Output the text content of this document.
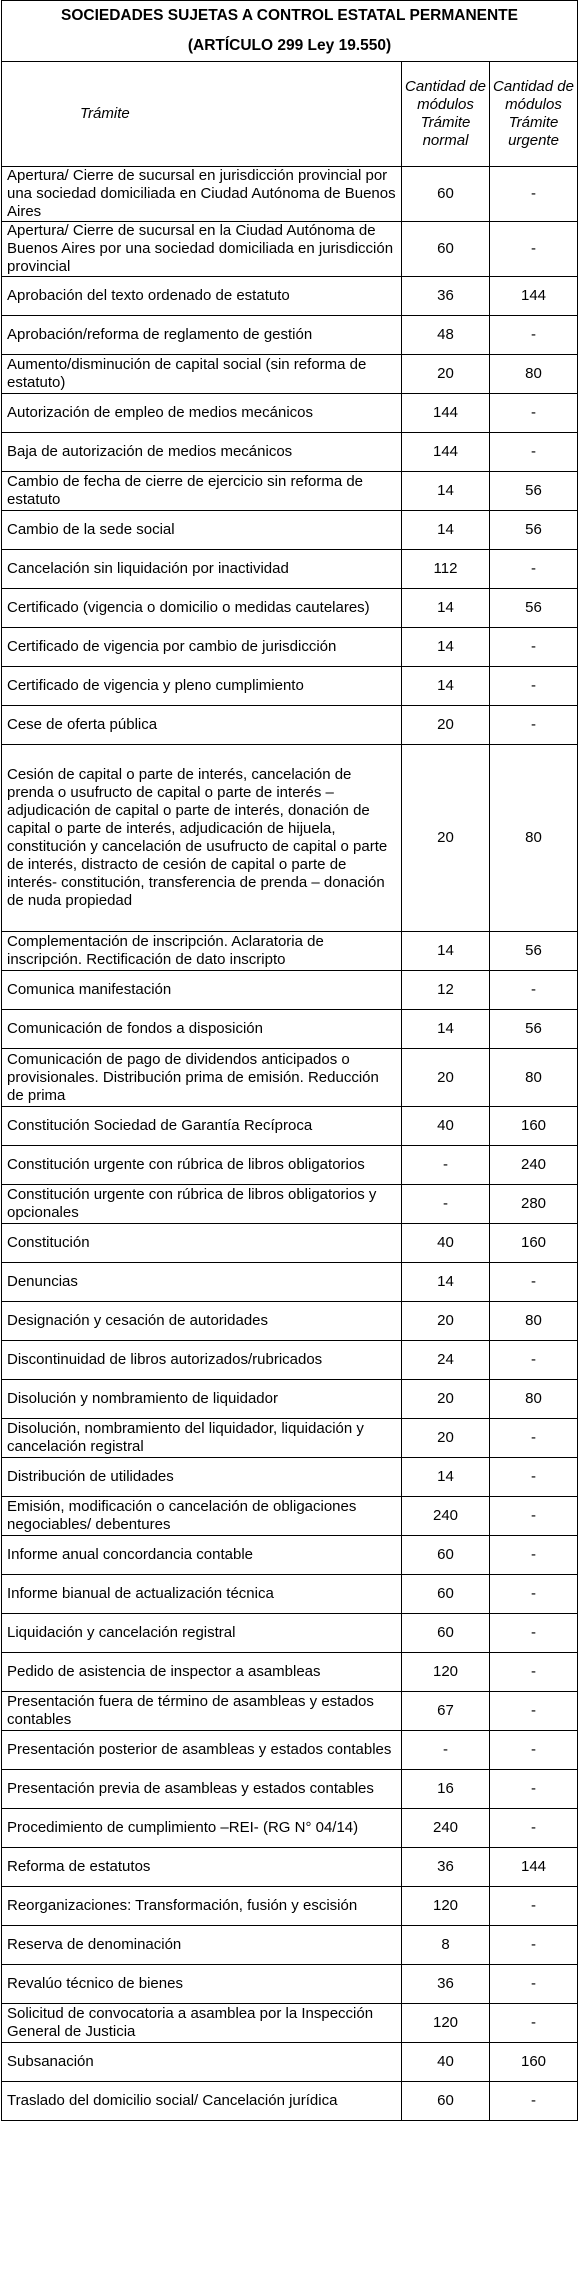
SOCIEDADES SUJETAS A CONTROL ESTATAL PERMANENTE
(ARTÍCULO 299 Ley 19.550)		

Trámite	Cantidad de módulos Trámite normal	Cantidad de módulos Trámite urgente
Apertura/ Cierre de sucursal en jurisdicción provincial por una sociedad domiciliada en Ciudad Autónoma de Buenos Aires	60	-
Apertura/ Cierre de sucursal en la Ciudad Autónoma de Buenos Aires por una sociedad domiciliada en jurisdicción provincial	60	-
Aprobación del texto ordenado de estatuto	36	144
Aprobación/reforma de reglamento de gestión	48	-
Aumento/disminución de capital social (sin reforma de estatuto)	20	80
Autorización de empleo de medios mecánicos	144	-
Baja de autorización de medios mecánicos	144	-
Cambio de fecha de cierre de ejercicio sin reforma de estatuto	14	56
Cambio de la sede social	14	56
Cancelación sin liquidación por inactividad	112	-
Certificado (vigencia o domicilio o medidas cautelares)	14	56
Certificado de vigencia por cambio de jurisdicción	14	-
Certificado de vigencia y pleno cumplimiento	14	-
Cese de oferta pública	20	-
Cesión de capital o parte de interés, cancelación de prenda o usufructo de capital o parte de interés –adjudicación de capital o parte de interés, donación de capital o parte de interés, adjudicación de hijuela, constitución y cancelación de usufructo de capital o parte de interés, distracto de cesión de capital o parte de interés- constitución, transferencia de prenda – donación de nuda propiedad	20	80
Complementación de inscripción. Aclaratoria de inscripción. Rectificación de dato inscripto	14	56
Comunica manifestación	12	-
Comunicación de fondos a disposición	14	56
Comunicación de pago de dividendos anticipados o provisionales. Distribución prima de emisión. Reducción de prima	20	80
Constitución Sociedad de Garantía Recíproca	40	160
Constitución urgente con rúbrica de libros obligatorios	-	240
Constitución urgente con rúbrica de libros obligatorios y opcionales	-	280
Constitución	40	160
Denuncias	14	-
Designación y cesación de autoridades	20	80
Discontinuidad de libros autorizados/rubricados	24	-
Disolución y nombramiento de liquidador	20	80
Disolución, nombramiento del liquidador, liquidación y cancelación registral	20	-
Distribución de utilidades	14	-
Emisión, modificación o cancelación de obligaciones negociables/ debentures	240	-
Informe anual concordancia contable	60	-
Informe bianual de actualización técnica	60	-
Liquidación y cancelación registral	60	-
Pedido de asistencia de inspector a asambleas	120	-
Presentación fuera de término de asambleas y estados contables	67	-
Presentación posterior de asambleas y estados contables	-	-
Presentación previa de asambleas y estados contables	16	-
Procedimiento de cumplimiento –REI- (RG N° 04/14)	240	-
Reforma de estatutos	36	144
Reorganizaciones: Transformación, fusión y escisión	120	-
Reserva de denominación	8	-
Revalúo técnico de bienes	36	-
Solicitud de convocatoria a asamblea por la Inspección General de Justicia	120	-
Subsanación	40	160
Traslado del domicilio social/ Cancelación jurídica	60	-
